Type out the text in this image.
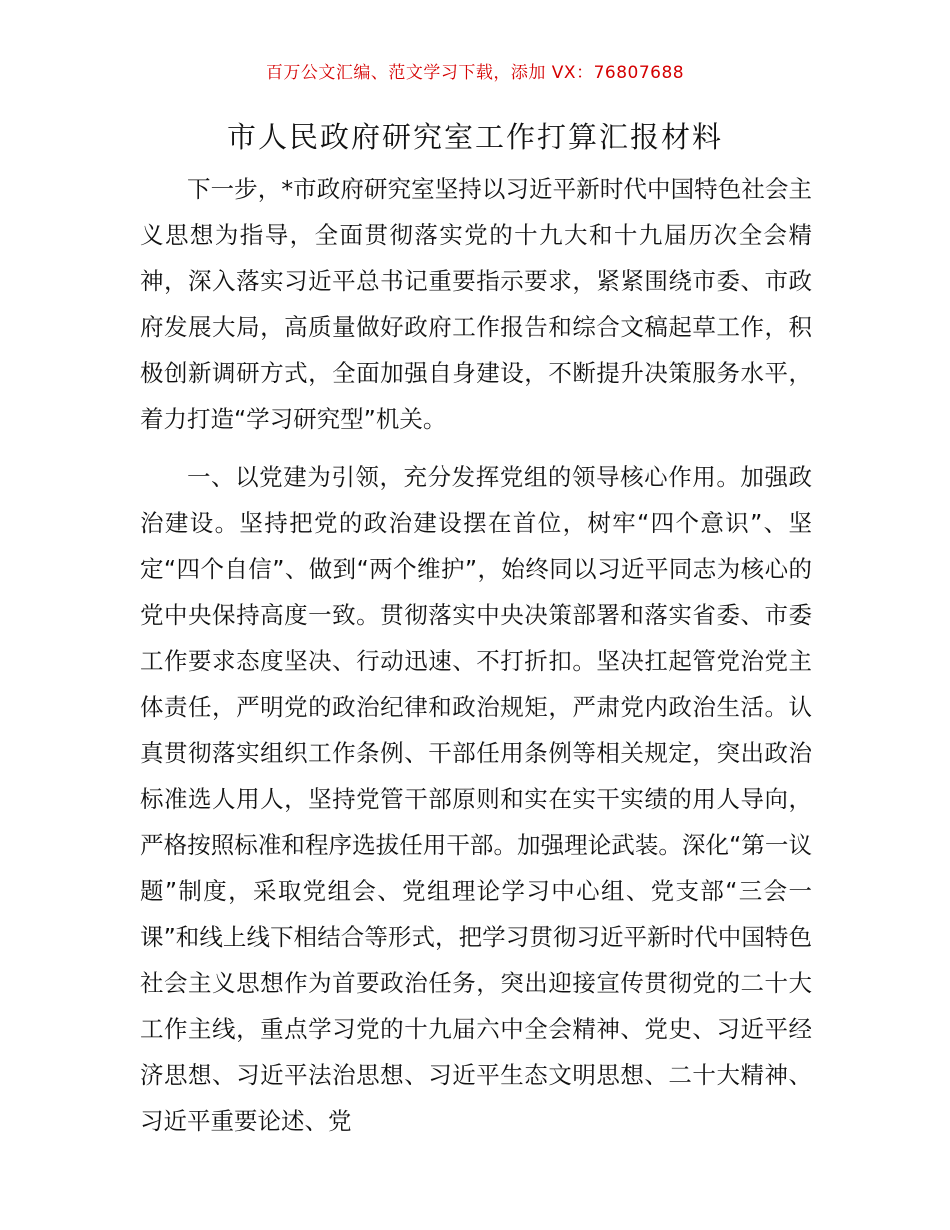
百万公文汇编、范文学习下载，添加 VX：76807688
市人民政府研究室工作打算汇报材料

下一步，*市政府研究室坚持以习近平新时代中国特色社会主义思想为指导，全面贯彻落实党的十九大和十九届历次全会精神，深入落实习近平总书记重要指示要求，紧紧围绕市委、市政府发展大局，高质量做好政府工作报告和综合文稿起草工作，积极创新调研方式，全面加强自身建设，不断提升决策服务水平，着力打造“学习研究型”机关。

一、以党建为引领，充分发挥党组的领导核心作用。加强政治建设。坚持把党的政治建设摆在首位，树牢“四个意识”、坚定“四个自信”、做到“两个维护”，始终同以习近平同志为核心的党中央保持高度一致。贯彻落实中央决策部署和落实省委、市委工作要求态度坚决、行动迅速、不打折扣。坚决扛起管党治党主体责任，严明党的政治纪律和政治规矩，严肃党内政治生活。认真贯彻落实组织工作条例、干部任用条例等相关规定，突出政治标准选人用人，坚持党管干部原则和实在实干实绩的用人导向，严格按照标准和程序选拔任用干部。加强理论武装。深化“第一议题”制度，采取党组会、党组理论学习中心组、党支部“三会一课”和线上线下相结合等形式，把学习贯彻习近平新时代中国特色社会主义思想作为首要政治任务，突出迎接宣传贯彻党的二十大工作主线，重点学习党的十九届六中全会精神、党史、习近平经济思想、习近平法治思想、习近平生态文明思想、二十大精神、习近平重要论述、党
